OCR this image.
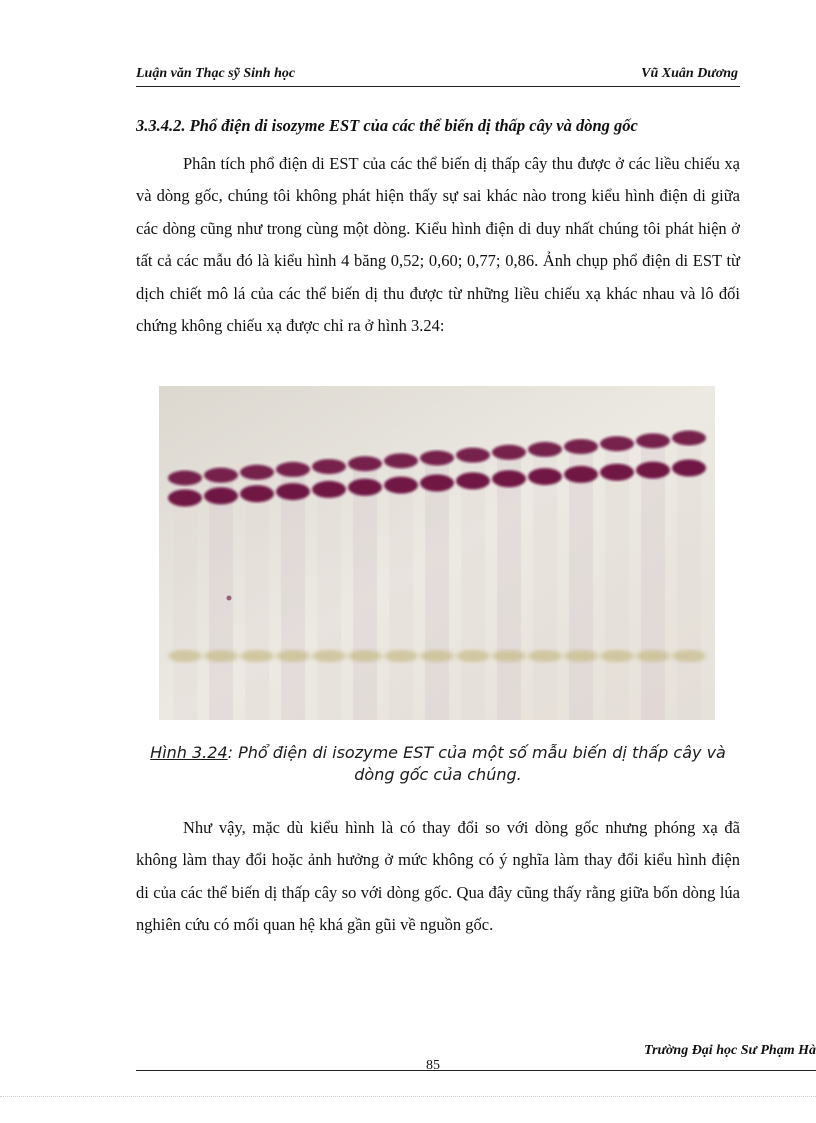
Luận văn Thạc sỹ Sinh học	Vũ Xuân Dương
3.3.4.2. Phổ điện di isozyme EST của các thể biến dị thấp cây và dòng gốc

Phân tích phổ điện di EST của các thể biến dị thấp cây thu được ở các liều chiếu xạ và dòng gốc, chúng tôi không phát hiện thấy sự sai khác nào trong kiểu hình điện di giữa các dòng cũng như trong cùng một dòng. Kiểu hình điện di duy nhất chúng tôi phát hiện ở tất cả các mẫu đó là kiểu hình 4 băng 0,52; 0,60; 0,77; 0,86. Ảnh chụp phổ điện di EST từ dịch chiết mô lá của các thể biến dị thu được từ những liều chiếu xạ khác nhau và lô đối chứng không chiếu xạ được chỉ ra ở hình 3.24:

Hình 3.24: Phổ điện di isozyme EST của một số mẫu biến dị thấp cây và dòng gốc của chúng.

Như vậy, mặc dù kiểu hình là có thay đổi so với dòng gốc nhưng phóng xạ đã không làm thay đổi hoặc ảnh hưởng ở mức không có ý nghĩa làm thay đổi kiểu hình điện di của các thể biến dị thấp cây so với dòng gốc. Qua đây cũng thấy rằng giữa bốn dòng lúa nghiên cứu có mối quan hệ khá gần gũi về nguồn gốc.

Trường Đại học Sư Phạm Hà
85
